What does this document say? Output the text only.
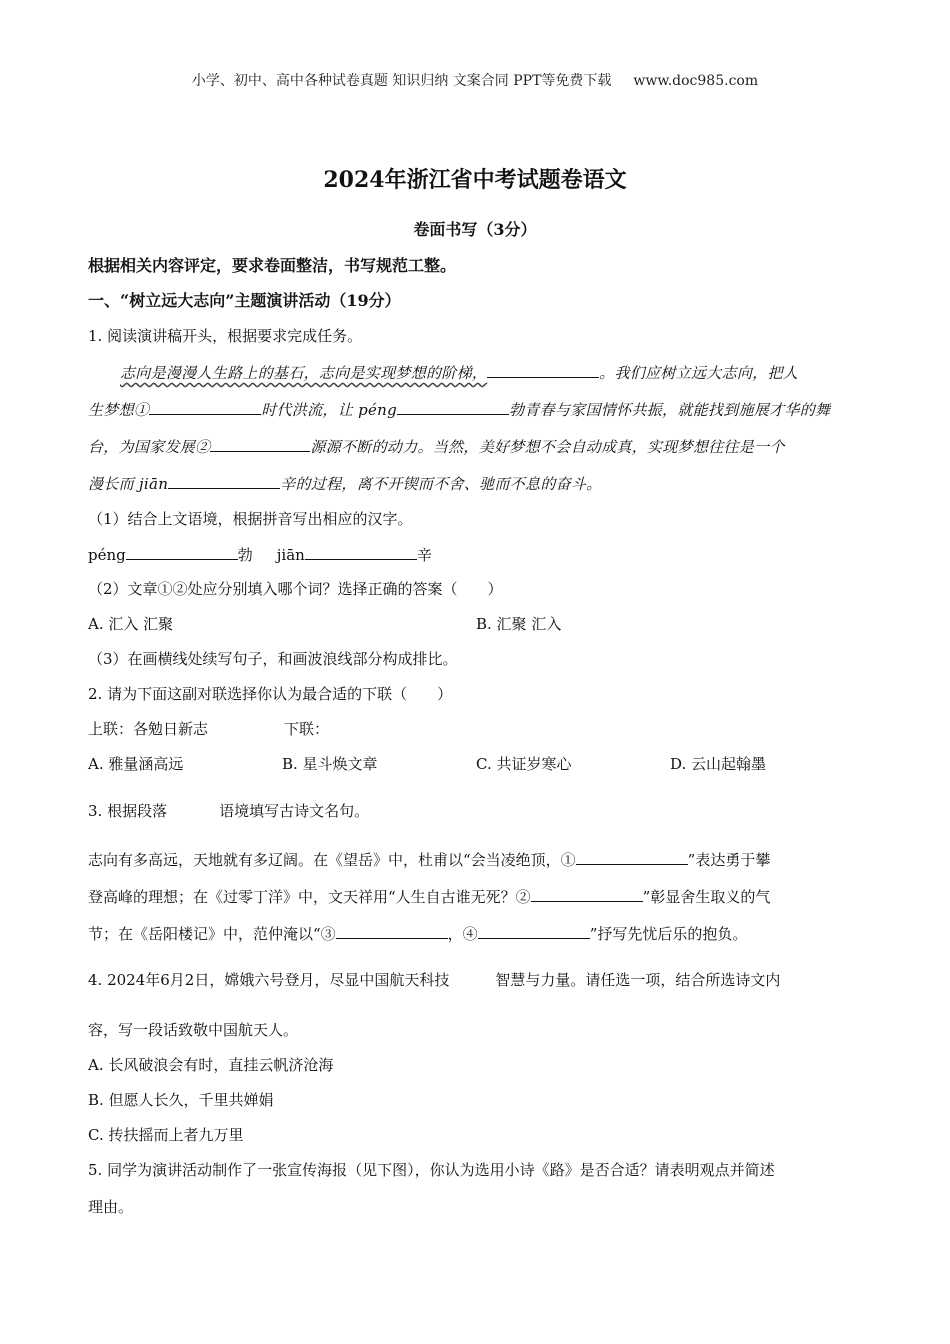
小学、初中、高中各种试卷真题 知识归纳 文案合同 PPT等免费下载 www.doc985.com
2024年浙江省中考试题卷语文
卷面书写（3分）
根据相关内容评定，要求卷面整洁，书写规范工整。
一、“树立远大志向”主题演讲活动（19分）
1. 阅读演讲稿开头，根据要求完成任务。
志向是漫漫人生路上的基石，志向是实现梦想的阶梯，	。我们应树立远大志向，把人
生梦想①	时代洪流，让 péng	勃青春与家国情怀共振，就能找到施展才华的舞
台，为国家发展②	源源不断的动力。当然，美好梦想不会自动成真，实现梦想往往是一个
漫长而 jiān	辛的过程，离不开锲而不舍、驰而不息的奋斗。
（1）结合上文语境，根据拼音写出相应的汉字。
péng	勃 jiān	辛
（2）文章①②处应分别填入哪个词？选择正确的答案（　　）
A. 汇入 汇聚	B. 汇聚 汇入
（3）在画横线处续写句子，和画波浪线部分构成排比。
2. 请为下面这副对联选择你认为最合适的下联（　　）
上联：各勉日新志	下联：
A. 雅量涵高远	B. 星斗焕文章	C. 共证岁寒心	D. 云山起翰墨
3. 根据段落	语境填写古诗文名句。
志向有多高远，天地就有多辽阔。在《望岳》中，杜甫以“会当凌绝顶，①	”表达勇于攀
登高峰的理想；在《过零丁洋》中，文天祥用“人生自古谁无死？②	”彰显舍生取义的气
节；在《岳阳楼记》中，范仲淹以“③	，④	”抒写先忧后乐的抱负。
4. 2024年6月2日，嫦娥六号登月，尽显中国航天科技	智慧与力量。请任选一项，结合所选诗文内
容，写一段话致敬中国航天人。
A. 长风破浪会有时，直挂云帆济沧海
B. 但愿人长久，千里共婵娟
C. 抟扶摇而上者九万里
5. 同学为演讲活动制作了一张宣传海报（见下图），你认为选用小诗《路》是否合适？请表明观点并简述
理由。
